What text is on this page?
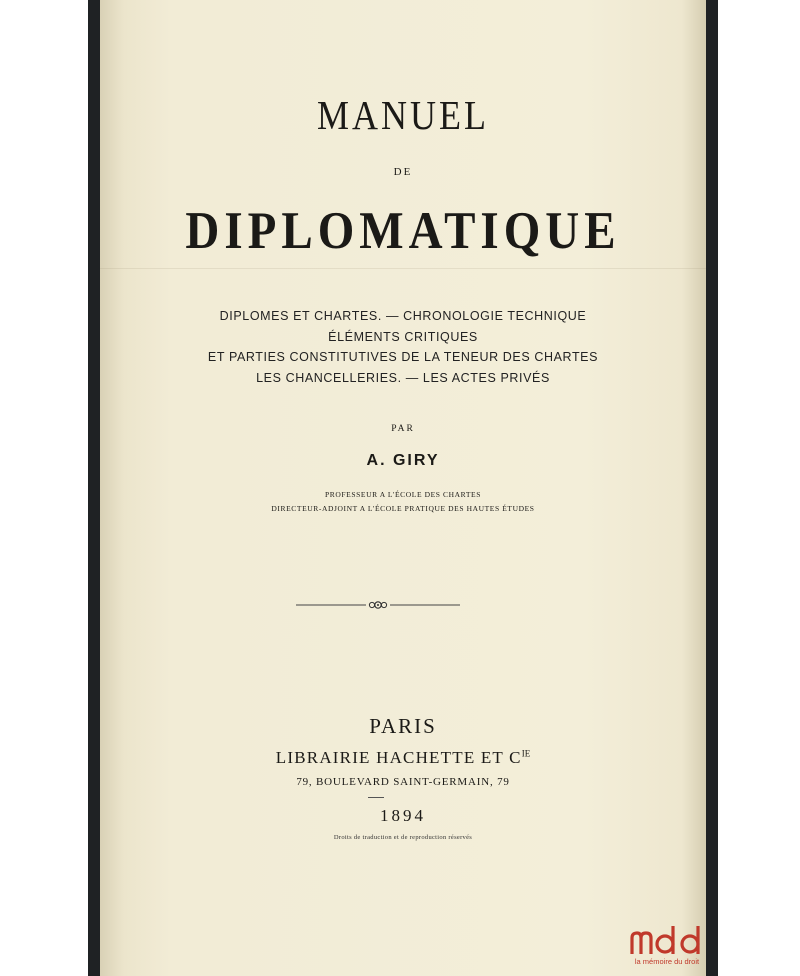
MANUEL
DE
DIPLOMATIQUE
DIPLOMES ET CHARTES. — CHRONOLOGIE TECHNIQUE
ÉLÉMENTS CRITIQUES
ET PARTIES CONSTITUTIVES DE LA TENEUR DES CHARTES
LES CHANCELLERIES. — LES ACTES PRIVÉS
PAR
A. GIRY
PROFESSEUR A L'ÉCOLE DES CHARTES
DIRECTEUR-ADJOINT A L'ÉCOLE PRATIQUE DES HAUTES ÉTUDES
PARIS
LIBRAIRIE HACHETTE ET $C^{IE}$
79, BOULEVARD SAINT-GERMAIN, 79
1894
Droits de traduction et de reproduction réservés
la mémoire du droit
